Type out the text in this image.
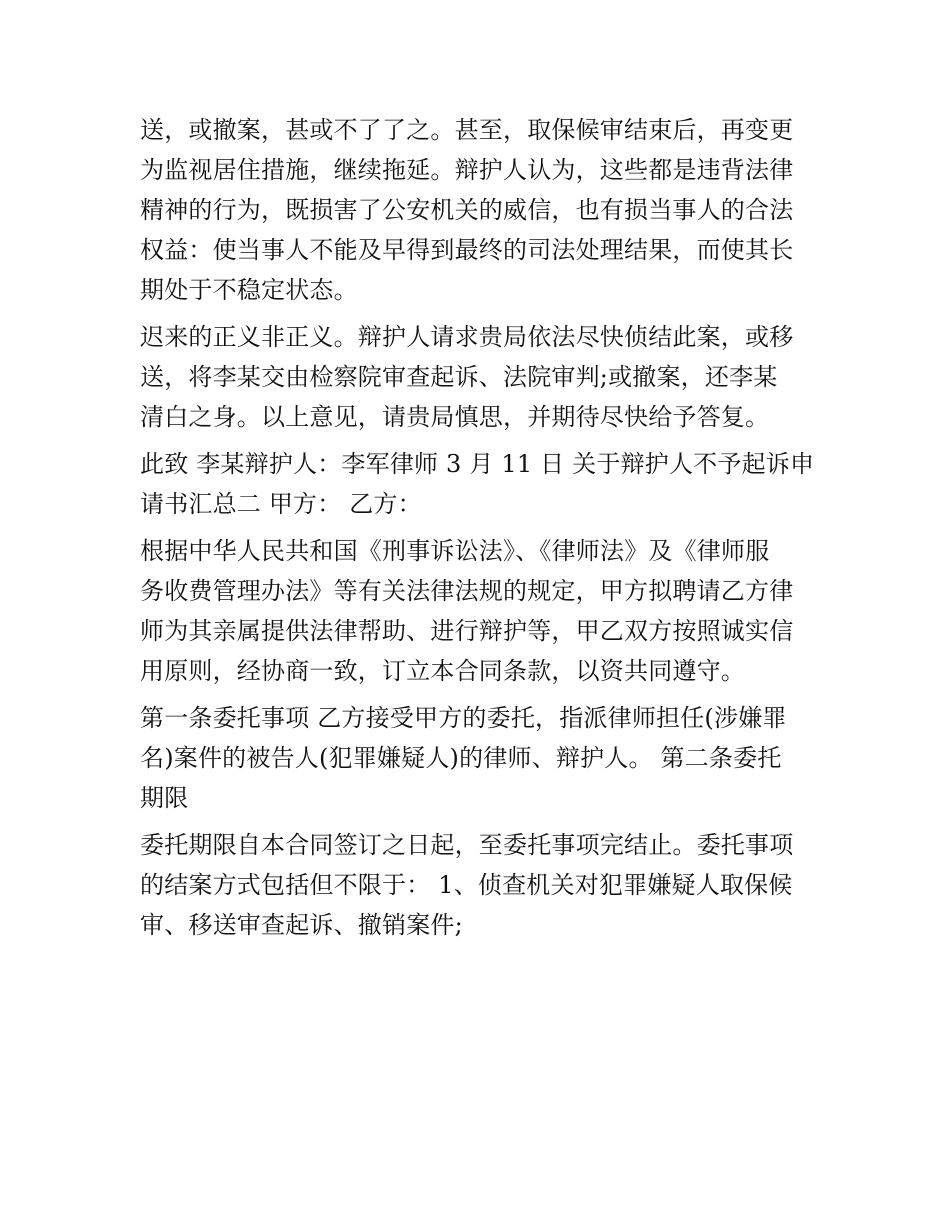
送，或撤案，甚或不了了之。甚至，取保候审结束后，再变更
为监视居住措施，继续拖延。辩护人认为，这些都是违背法律
精神的行为，既损害了公安机关的威信，也有损当事人的合法
权益：使当事人不能及早得到最终的司法处理结果，而使其长
期处于不稳定状态。
迟来的正义非正义。辩护人请求贵局依法尽快侦结此案，或移
送，将李某交由检察院审查起诉、法院审判;或撤案，还李某
清白之身。以上意见，请贵局慎思，并期待尽快给予答复。
此致 李某辩护人：李军律师 3 月 11 日 关于辩护人不予起诉申
请书汇总二 甲方： 乙方：
根据中华人民共和国《刑事诉讼法》、《律师法》及《律师服
务收费管理办法》等有关法律法规的规定，甲方拟聘请乙方律
师为其亲属提供法律帮助、进行辩护等，甲乙双方按照诚实信
用原则，经协商一致，订立本合同条款，以资共同遵守。
第一条委托事项 乙方接受甲方的委托，指派律师担任(涉嫌罪
名)案件的被告人(犯罪嫌疑人)的律师、辩护人。 第二条委托
期限
委托期限自本合同签订之日起，至委托事项完结止。委托事项
的结案方式包括但不限于： 1、侦查机关对犯罪嫌疑人取保候
审、移送审查起诉、撤销案件;
